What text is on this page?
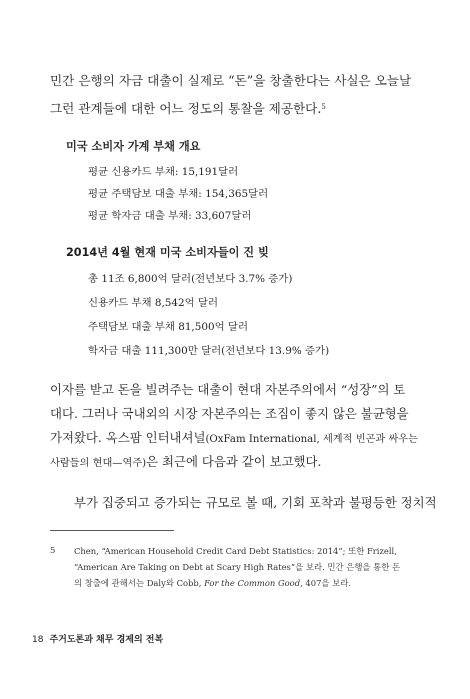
민간 은행의 자금 대출이 실제로 “돈”을 창출한다는 사실은 오늘날
그런 관계들에 대한 어느 정도의 통찰을 제공한다.$^5$
미국 소비자 가계 부채 개요
평균 신용카드 부채: 15,191달러
평균 주택담보 대출 부채: 154,365달러
평균 학자금 대출 부채: 33,607달러
2014년 4월 현재 미국 소비자들이 진 빚
총 11조 6,800억 달러(전년보다 3.7% 증가)
신용카드 부채 8,542억 달러
주택담보 대출 부채 81,500억 달러
학자금 대출 111,300만 달러(전년보다 13.9% 증가)
이자를 받고 돈을 빌려주는 대출이 현대 자본주의에서 “성장”의 토
대다. 그러나 국내외의 시장 자본주의는 조짐이 좋지 않은 불균형을
가져왔다. 옥스팜 인터내셔널(OxFam International, 세계적 빈곤과 싸우는
사람들의 현대—역주)은 최근에 다음과 같이 보고했다.
부가 집중되고 증가되는 규모로 볼 때, 기회 포착과 불평등한 정치적
5 Chen, “American Household Credit Card Debt Statistics: 2014”; 또한 Frizell,
“American Are Taking on Debt at Scary High Rates”을 보라. 민간 은행을 통한 돈
의 창출에 관해서는 Daly와 Cobb, For the Common Good, 407을 보라.
18 주거도론과 채무 경제의 전복
